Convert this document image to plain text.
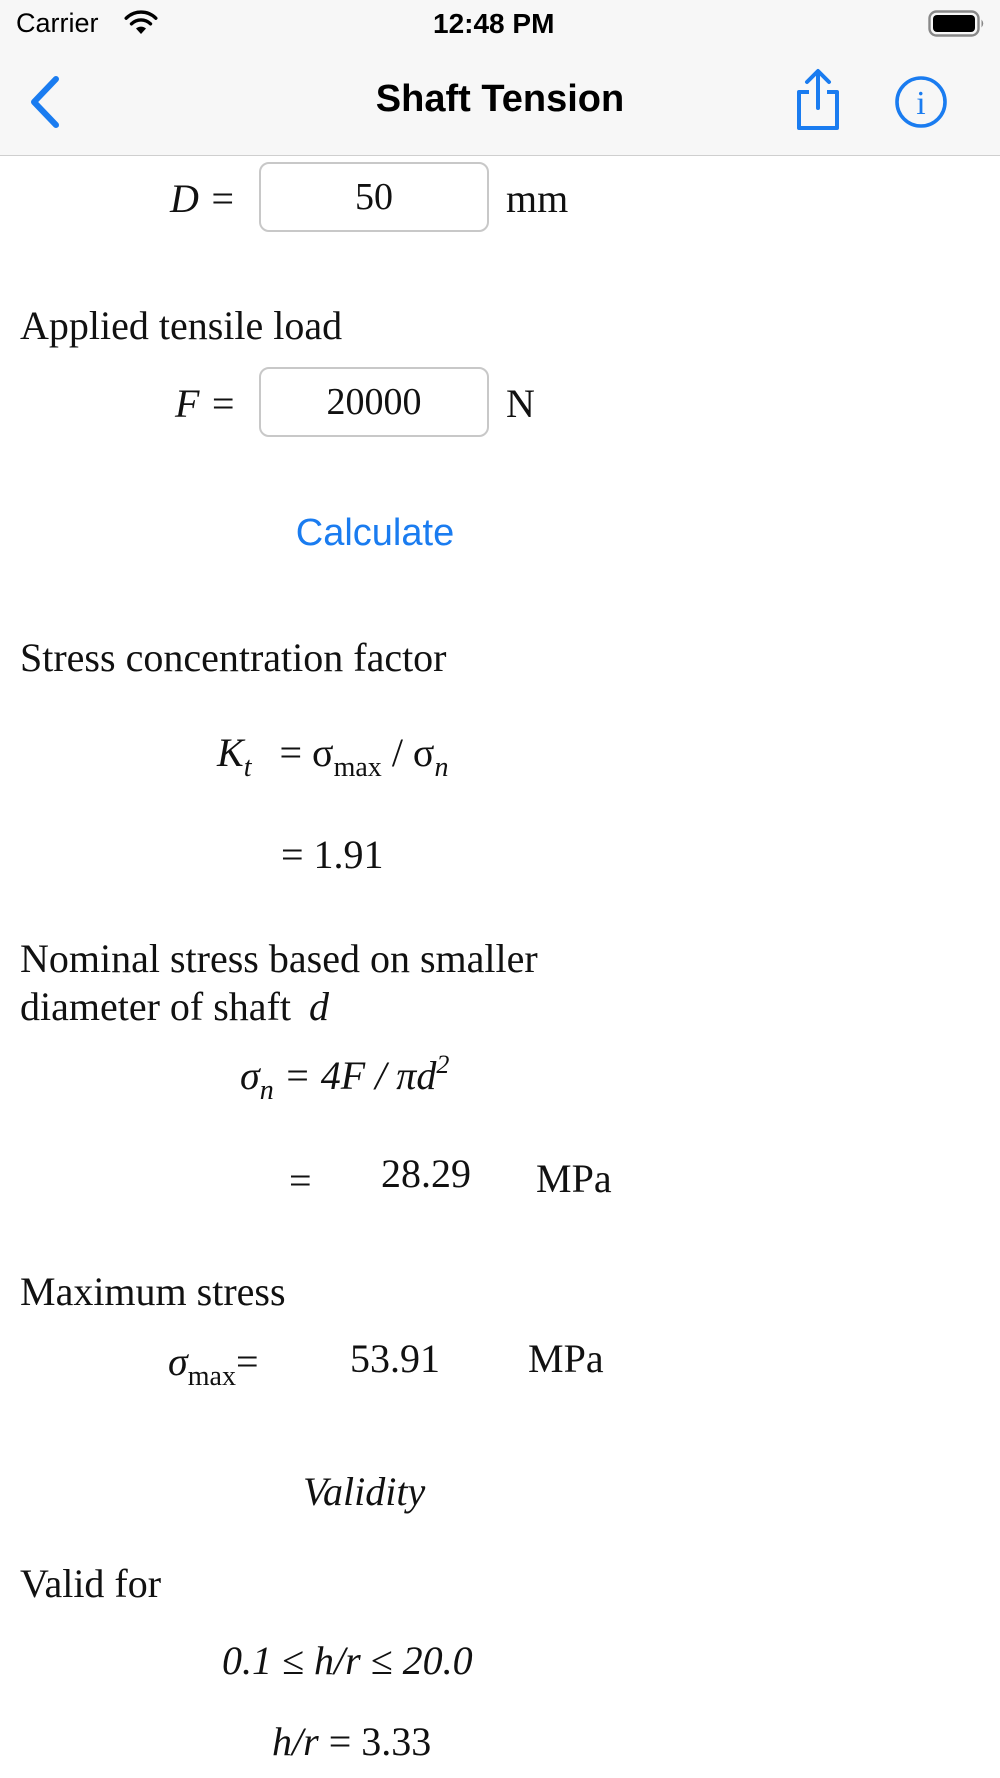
Carrier	12:48 PM
Shaft Tension	i
D =
50	mm
Applied tensile load
F =
20000	N
Calculate
Stress concentration factor
$K_t = \sigma_{max} / \sigma_n$
= 1.91
Nominal stress based on smaller
diameter of shaft d
$\sigma_n = 4F / \pi d^2$
= 28.29 MPa
Maximum stress
$\sigma_{max}= 53.91$ MPa
Validity
Valid for
0.1 ≤ h/r ≤ 20.0
h/r = 3.33
